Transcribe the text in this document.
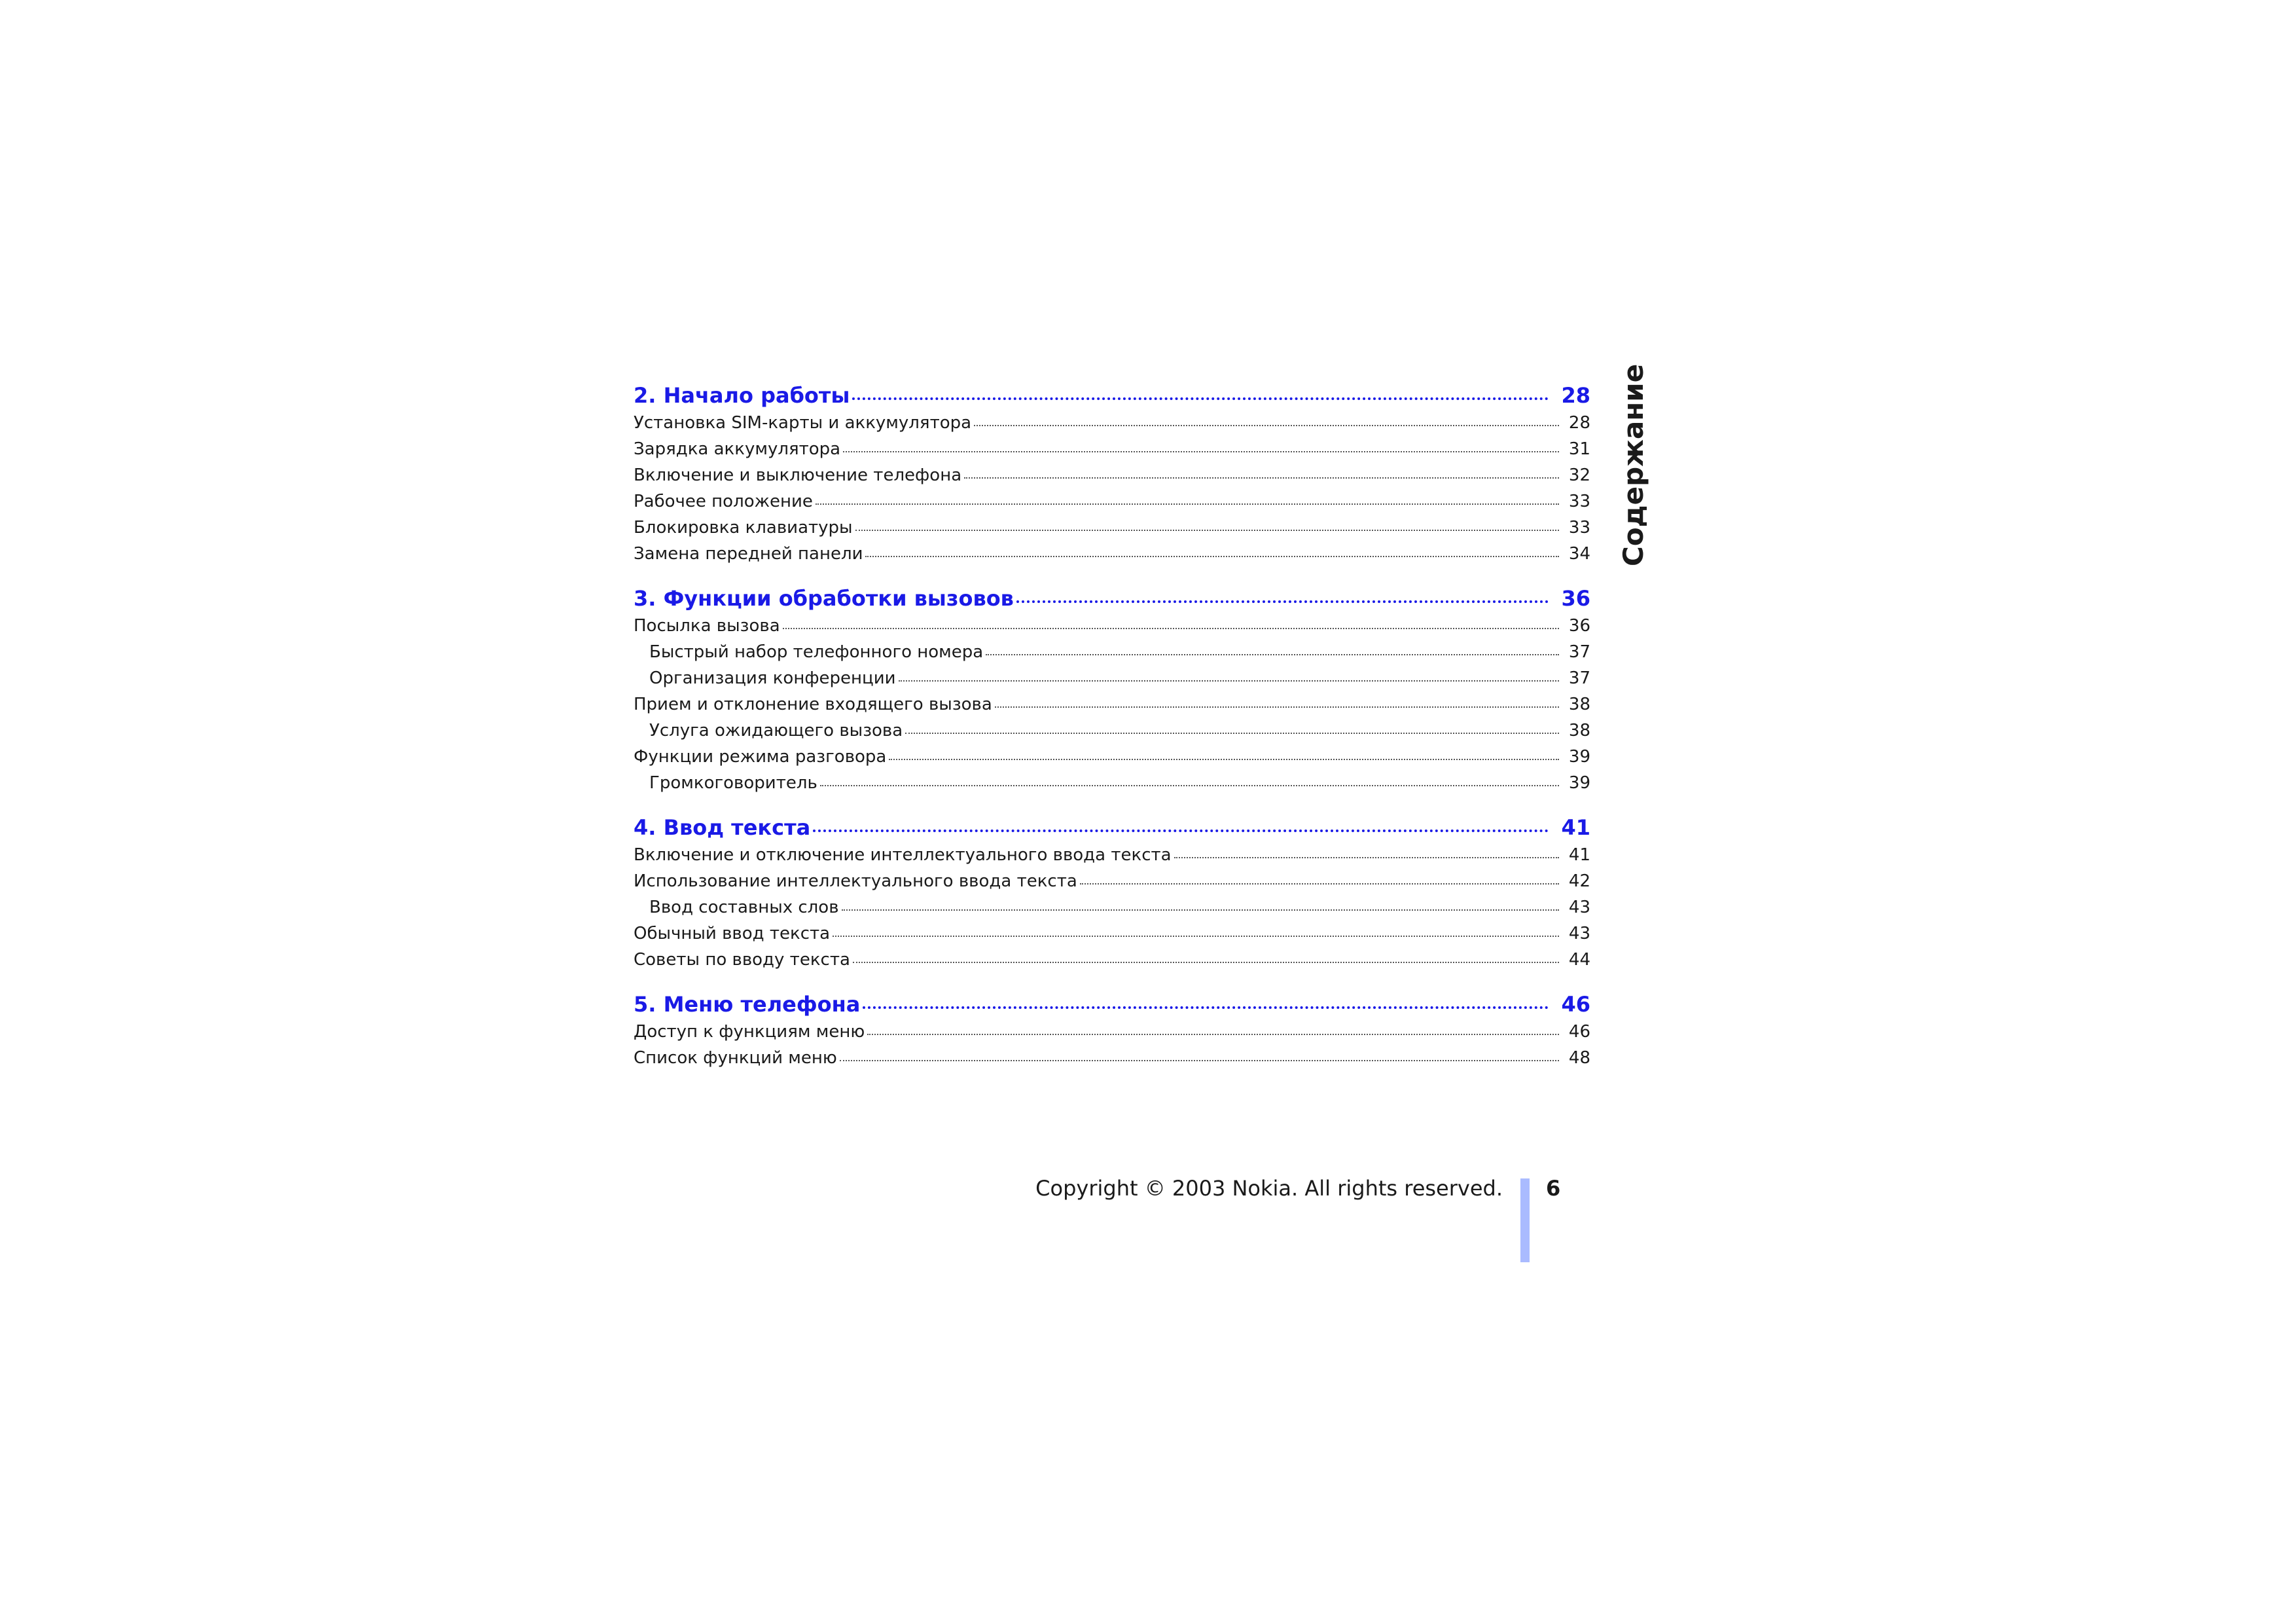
2. Начало работы	28
Установка SIM-карты и аккумулятора	28
Зарядка аккумулятора	31
Включение и выключение телефона	32
Рабочее положение	33
Блокировка клавиатуры	33
Замена передней панели	34
3. Функции обработки вызовов	36
Посылка вызова	36
Быстрый набор телефонного номера	37
Организация конференции	37
Прием и отклонение входящего вызова	38
Услуга ожидающего вызова	38
Функции режима разговора	39
Громкоговоритель	39
4. Ввод текста	41
Включение и отключение интеллектуального ввода текста	41
Использование интеллектуального ввода текста	42
Ввод составных слов	43
Обычный ввод текста	43
Советы по вводу текста	44
5. Меню телефона	46
Доступ к функциям меню	46
Список функций меню	48
Содержание
Copyright © 2003 Nokia. All rights reserved. 6
